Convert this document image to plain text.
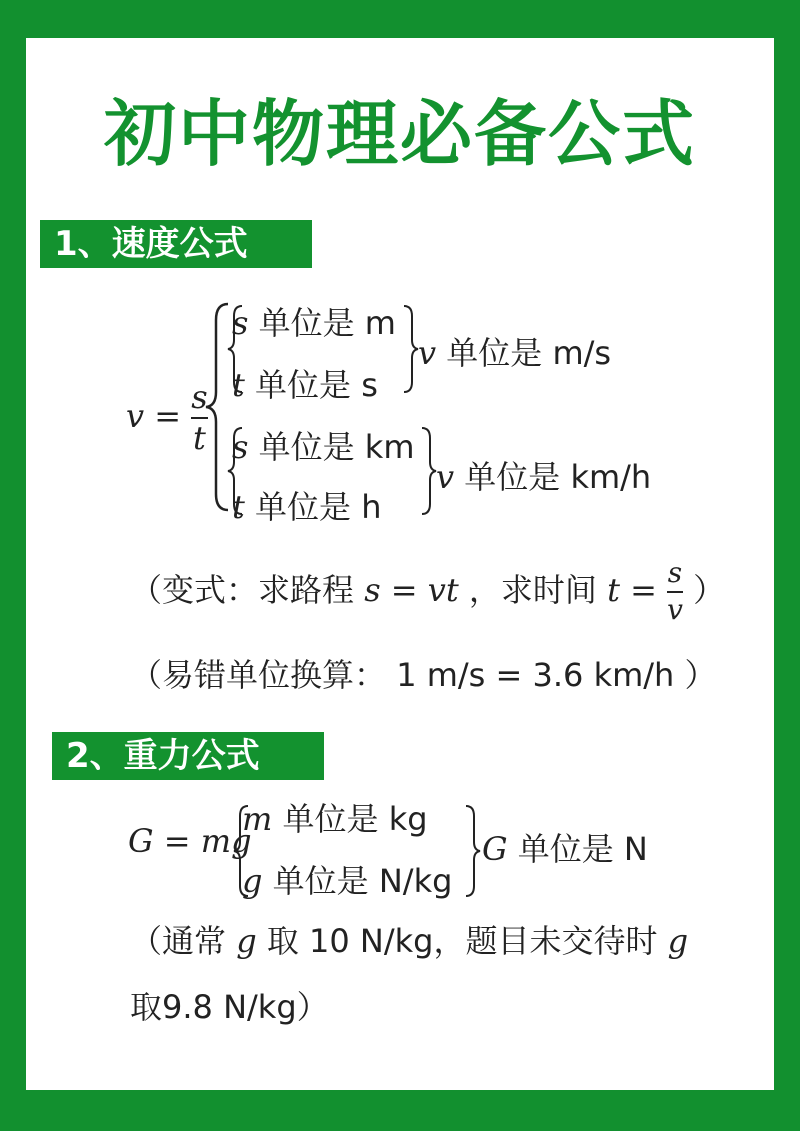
初中物理必备公式
1、速度公式
$v = \frac{s}{t}$
s 单位是 m
t 单位是 s
v 单位是 m/s
s 单位是 km
t 单位是 h
v 单位是 km/h
（变式：求路程 s = vt ，求时间 $t = \frac{s}{v}$ ）
（易错单位换算： 1 m/s = 3.6 km/h ）
2、重力公式
G = mg
m 单位是 kg
g 单位是 N/kg
G 单位是 N
（通常 g 取 10 N/kg，题目未交待时 g
取9.8 N/kg）
